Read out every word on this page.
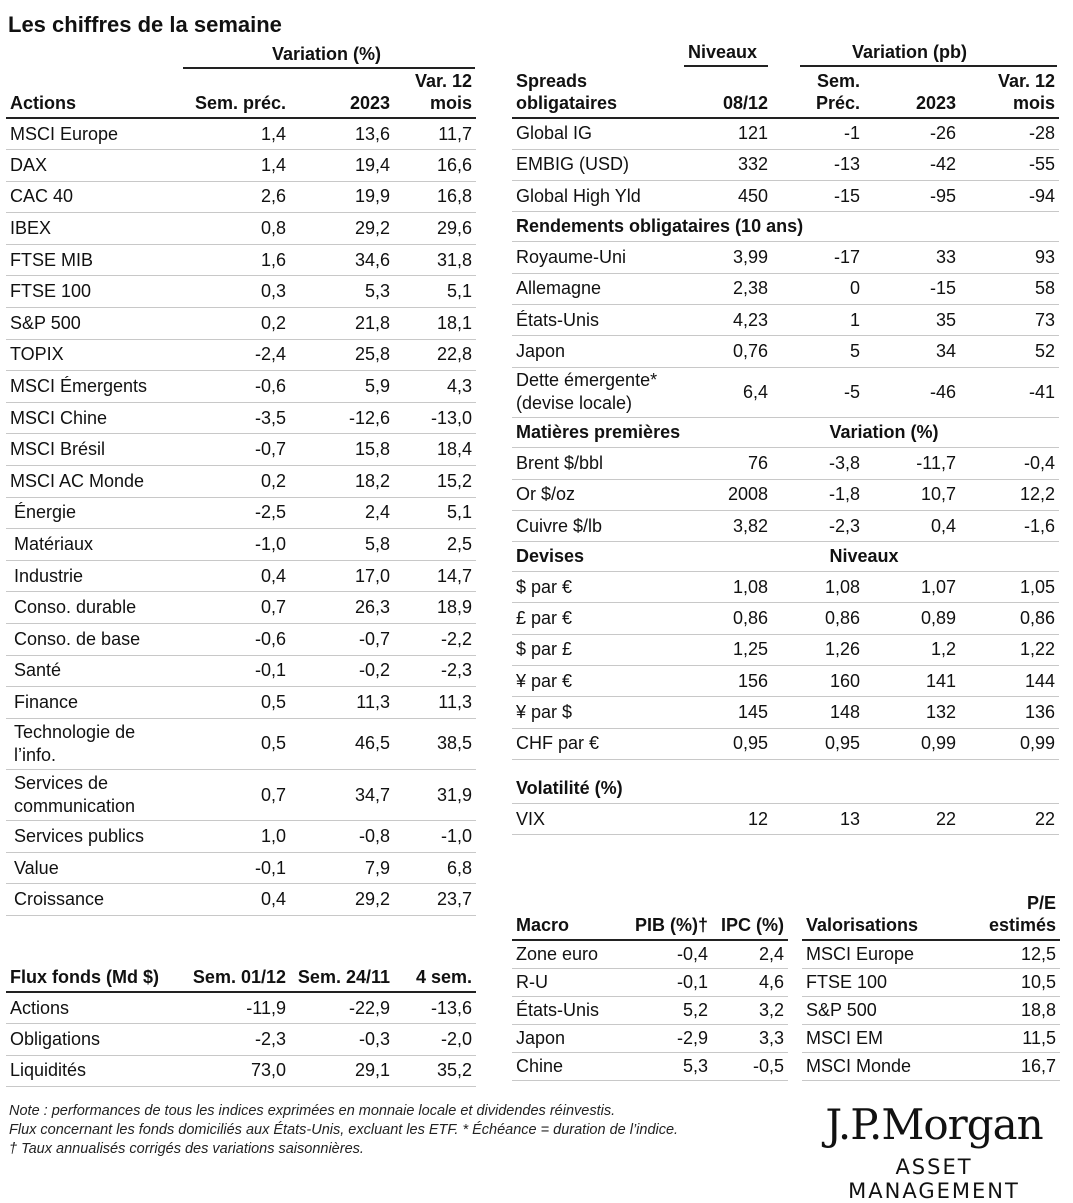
Les chiffres de la semaine
Variation (%)
Actions	Sem. préc.	2023	Var. 12 mois
MSCI Europe	1,4	13,6	11,7
DAX	1,4	19,4	16,6
CAC 40	2,6	19,9	16,8
IBEX	0,8	29,2	29,6
FTSE MIB	1,6	34,6	31,8
FTSE 100	0,3	5,3	5,1
S&P 500	0,2	21,8	18,1
TOPIX	-2,4	25,8	22,8
MSCI Émergents	-0,6	5,9	4,3
MSCI Chine	-3,5	-12,6	-13,0
MSCI Brésil	-0,7	15,8	18,4
MSCI AC Monde	0,2	18,2	15,2
Énergie	-2,5	2,4	5,1
Matériaux	-1,0	5,8	2,5
Industrie	0,4	17,0	14,7
Conso. durable	0,7	26,3	18,9
Conso. de base	-0,6	-0,7	-2,2
Santé	-0,1	-0,2	-2,3
Finance	0,5	11,3	11,3
Technologie de l’info.	0,5	46,5	38,5
Services de communication	0,7	34,7	31,9
Services publics	1,0	-0,8	-1,0
Value	-0,1	7,9	6,8
Croissance	0,4	29,2	23,7
Flux fonds (Md $)	Sem. 01/12	Sem. 24/11	4 sem.
Actions	-11,9	-22,9	-13,6
Obligations	-2,3	-0,3	-2,0
Liquidités	73,0	29,1	35,2
Niveaux	Variation (pb)
Spreads obligataires	08/12	Sem. Préc.	2023	Var. 12 mois
Global IG	121	-1	-26	-28
EMBIG (USD)	332	-13	-42	-55
Global High Yld	450	-15	-95	-94
Rendements obligataires (10 ans)				
Royaume-Uni	3,99	-17	33	93
Allemagne	2,38	0	-15	58
États-Unis	4,23	1	35	73
Japon	0,76	5	34	52
Dette émergente* (devise locale)	6,4	-5	-46	-41
Matières premières		Variation (%)		
Brent $/bbl	76	-3,8	-11,7	-0,4
Or $/oz	2008	-1,8	10,7	12,2
Cuivre $/lb	3,82	-2,3	0,4	-1,6
Devises		Niveaux		
$ par €	1,08	1,08	1,07	1,05
£ par €	0,86	0,86	0,89	0,86
$ par £	1,25	1,26	1,2	1,22
¥ par €	156	160	141	144
¥ par $	145	148	132	136
CHF par €	0,95	0,95	0,99	0,99
Volatilité (%)				
VIX	12	13	22	22
Macro	PIB (%)†	IPC (%)
Zone euro	-0,4	2,4
R-U	-0,1	4,6
États-Unis	5,2	3,2
Japon	-2,9	3,3
Chine	5,3	-0,5
Valorisations	P/E estimés
MSCI Europe	12,5
FTSE 100	10,5
S&P 500	18,8
MSCI EM	11,5
MSCI Monde	16,7
Note : performances de tous les indices exprimées en monnaie locale et dividendes réinvestis.
Flux concernant les fonds domiciliés aux États-Unis, excluant les ETF. * Échéance = duration de l’indice.
† Taux annualisés corrigés des variations saisonnières.	J.P.Morgan
ASSET MANAGEMENT
